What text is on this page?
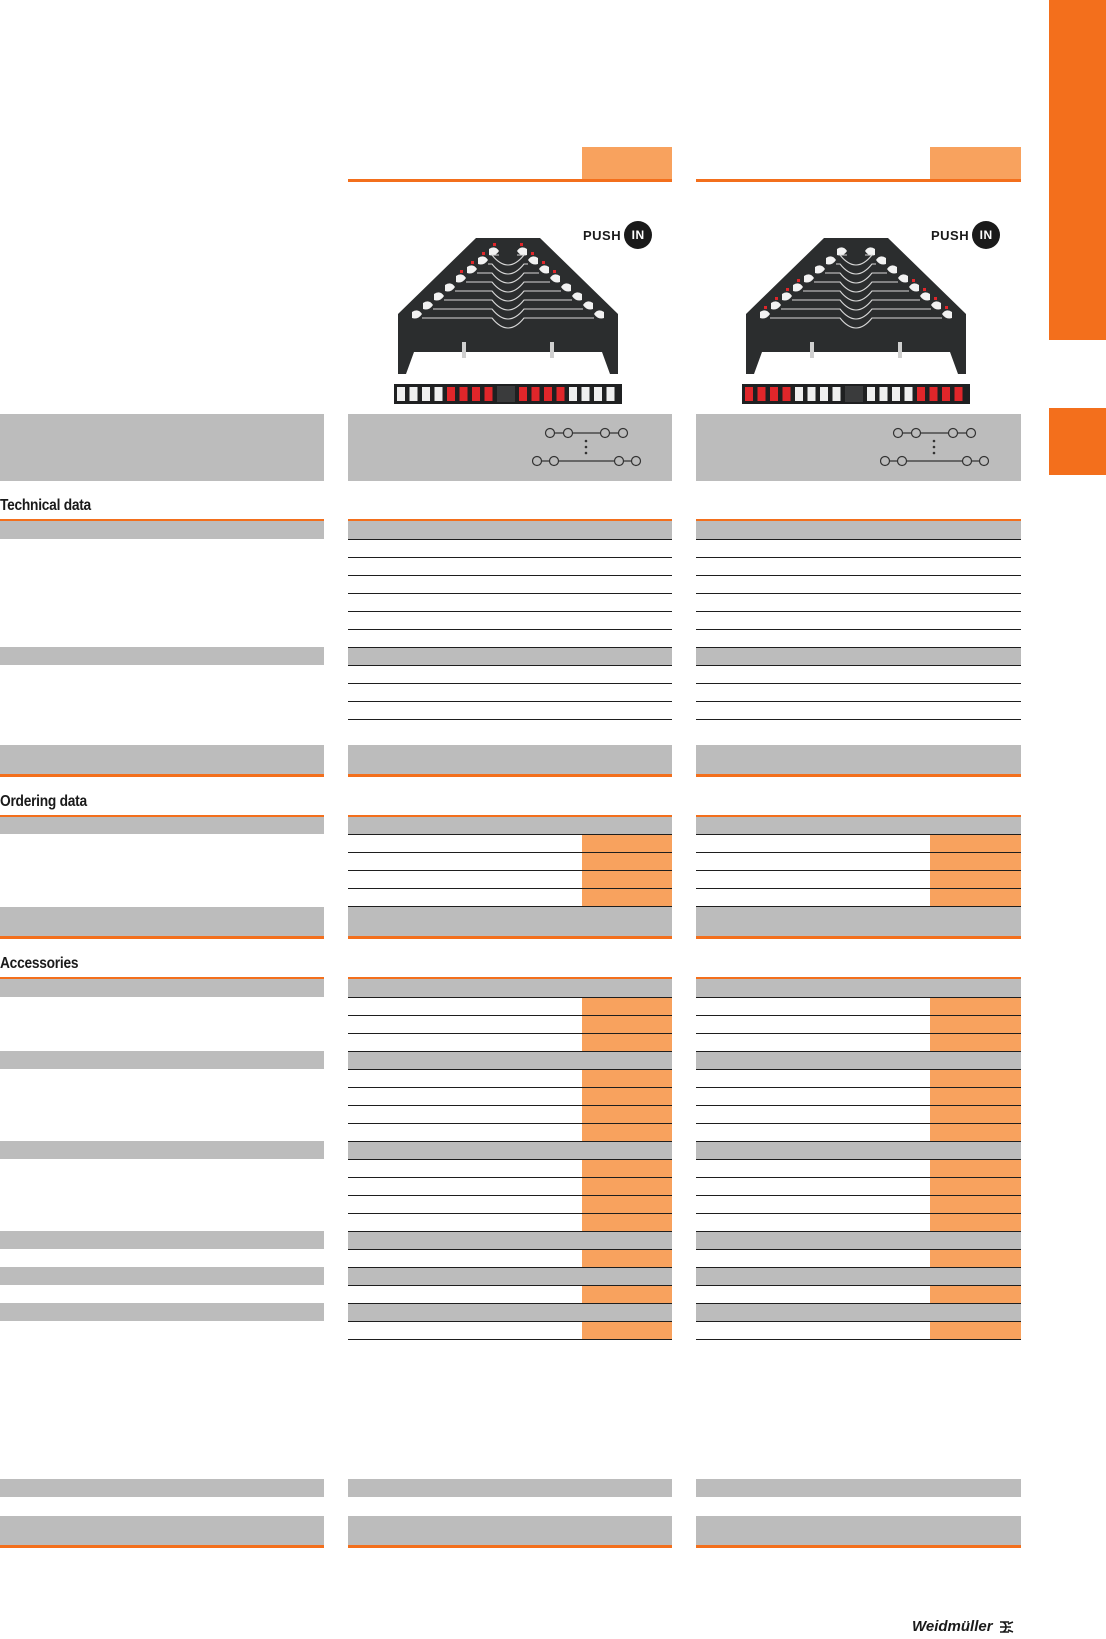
PUSH IN	PUSH IN
Technical data
Ordering data
Accessories
Weidmüller
